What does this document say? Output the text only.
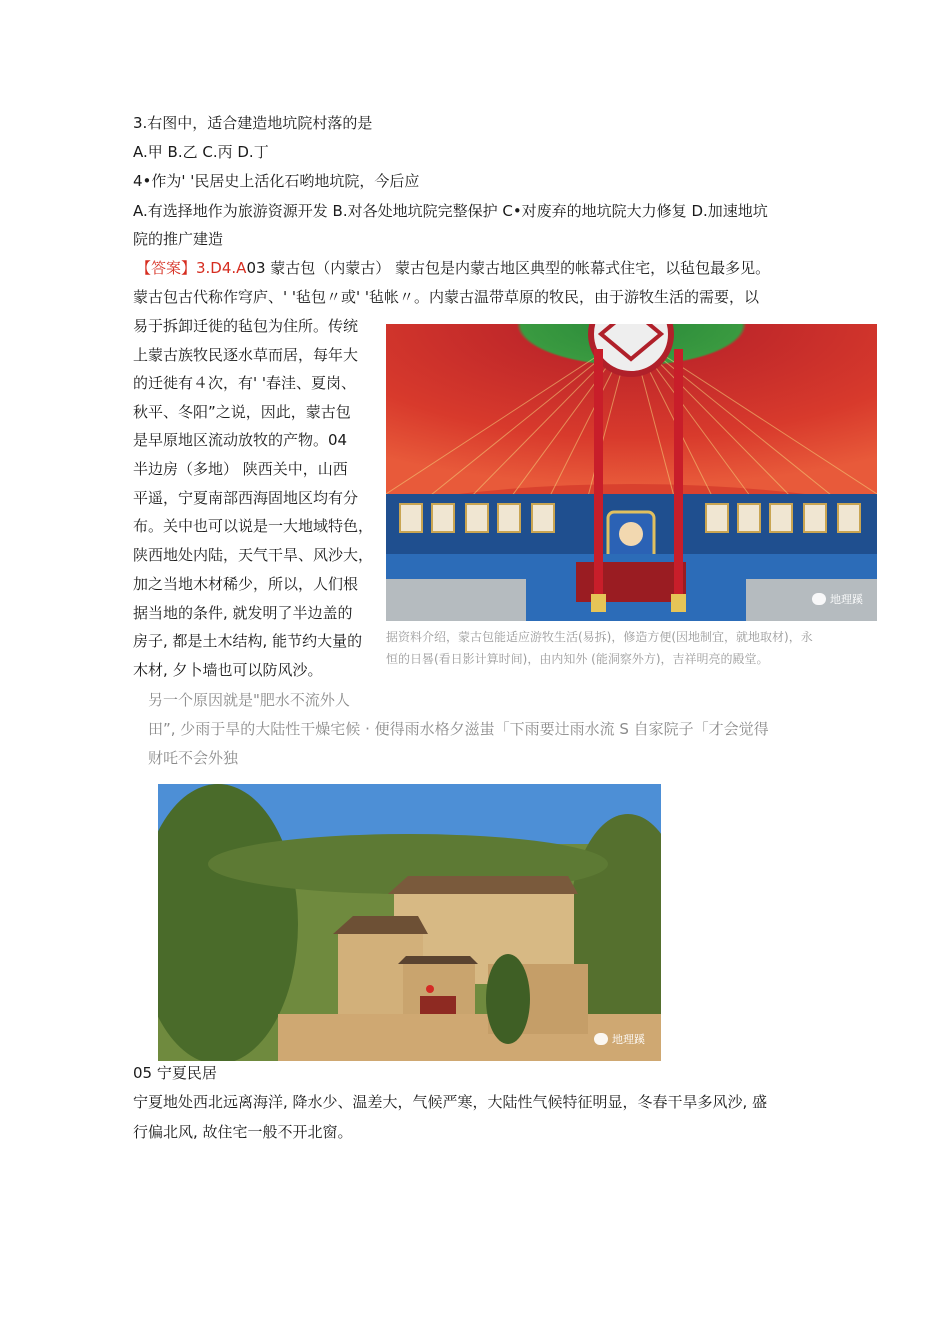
3.右图中，适合建造地坑院村落的是
A.甲 B.乙 C.丙 D.丁
4•作为' '民居史上活化石哟地坑院，今后应
A.有选择地作为旅游资源开发 B.对各处地坑院完整保护 C•对废弃的地坑院大力修复 D.加速地坑
院的推广建造
【答案】3.D4.A03 蒙古包（内蒙古） 蒙古包是内蒙古地区典型的帐幕式住宅，以毡包最多见。
蒙古包古代称作穹庐、' '毡包〃或' '毡帐〃。内蒙古温带草原的牧民，由于游牧生活的需要，以
易于拆卸迁徙的毡包为住所。传统
上蒙古族牧民逐水草而居，每年大
的迁徙有４次，有' '春洼、夏岗、
秋平、冬阳”之说，因此，蒙古包
是早原地区流动放牧的产物。04
半边房（多地） 陕西关中，山西
平遥，宁夏南部西海固地区均有分
布。关中也可以说是一大地域特色，
陕西地处内陆，天气干旱、风沙大，
加之当地木材稀少，所以，人们根
据当地的条件, 就发明了半边盖的
房子, 都是土木结构, 能节约大量的
木材, 夕卜墙也可以防风沙。
地理蹊
据资料介绍，蒙古包能适应游牧生活(易拆)，修造方便(因地制宜，就地取材)，永
恒的日晷(看日影计算时间)，由内知外 (能洞察外方)，吉祥明亮的殿堂。
另一个原因就是"肥水不流外人
田”, 少雨于旱的大陆性干燥宅候 · 便得雨水格夕滋蚩「下雨要辻雨水流 S 自家院子「才会觉得
财吒不会外独
地理蹊
05 宁夏民居
宁夏地处西北远离海洋, 降水少、温差大，气候严寒，大陆性气候特征明显，冬春干旱多风沙, 盛
行偏北风, 故住宅一般不开北窗。
